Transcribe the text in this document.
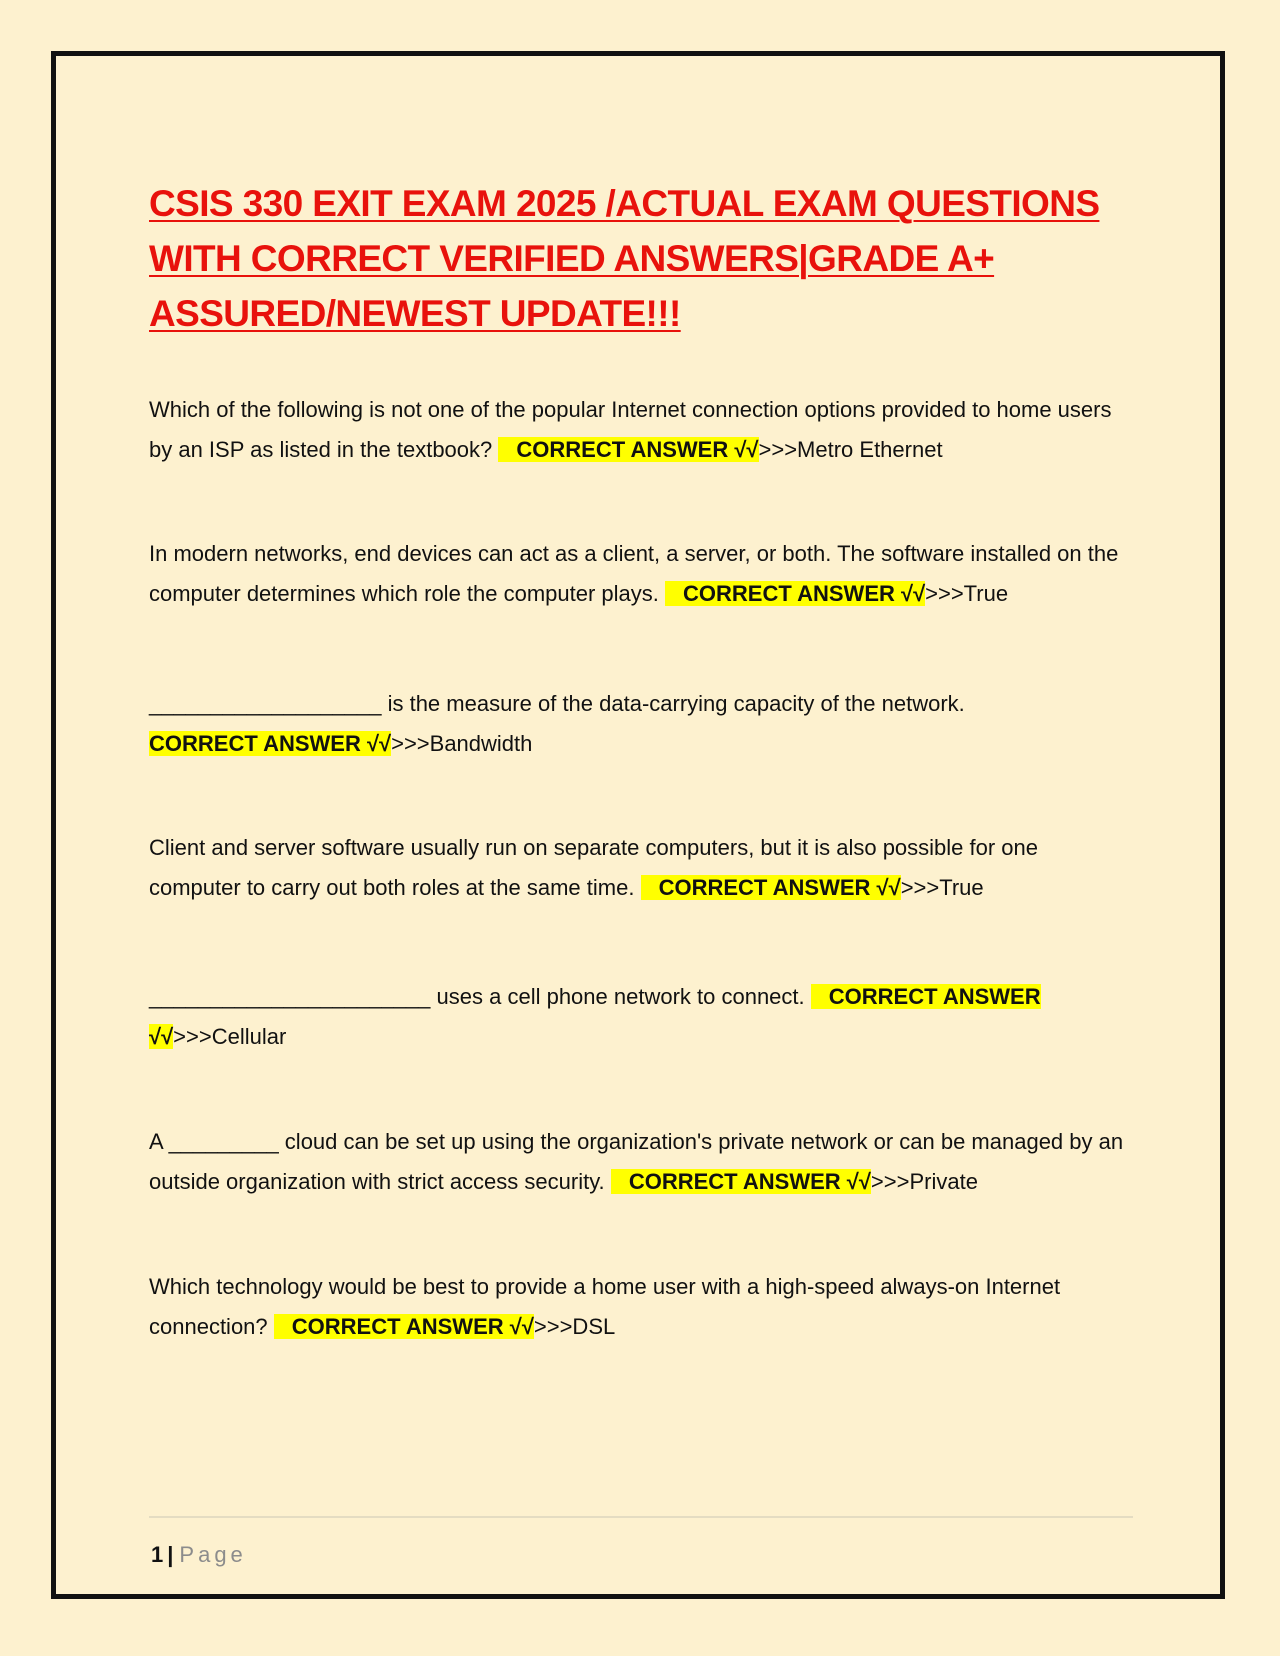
CSIS 330 EXIT EXAM 2025 /ACTUAL EXAM QUESTIONS
WITH CORRECT VERIFIED ANSWERS|GRADE A+
ASSURED/NEWEST UPDATE!!!

Which of the following is not one of the popular Internet connection options provided to home users by an ISP as listed in the textbook? CORRECT ANSWER √√>>>Metro Ethernet

In modern networks, end devices can act as a client, a server, or both. The software installed on the computer determines which role the computer plays. CORRECT ANSWER √√>>>True

___________________ is the measure of the data-carrying capacity of the network.
CORRECT ANSWER √√>>>Bandwidth

Client and server software usually run on separate computers, but it is also possible for one computer to carry out both roles at the same time. CORRECT ANSWER √√>>>True

_______________________ uses a cell phone network to connect. CORRECT ANSWER
√√>>>Cellular

A _________ cloud can be set up using the organization's private network or can be managed by an outside organization with strict access security. CORRECT ANSWER √√>>>Private

Which technology would be best to provide a home user with a high-speed always-on Internet connection? CORRECT ANSWER √√>>>DSL

1 | Page
